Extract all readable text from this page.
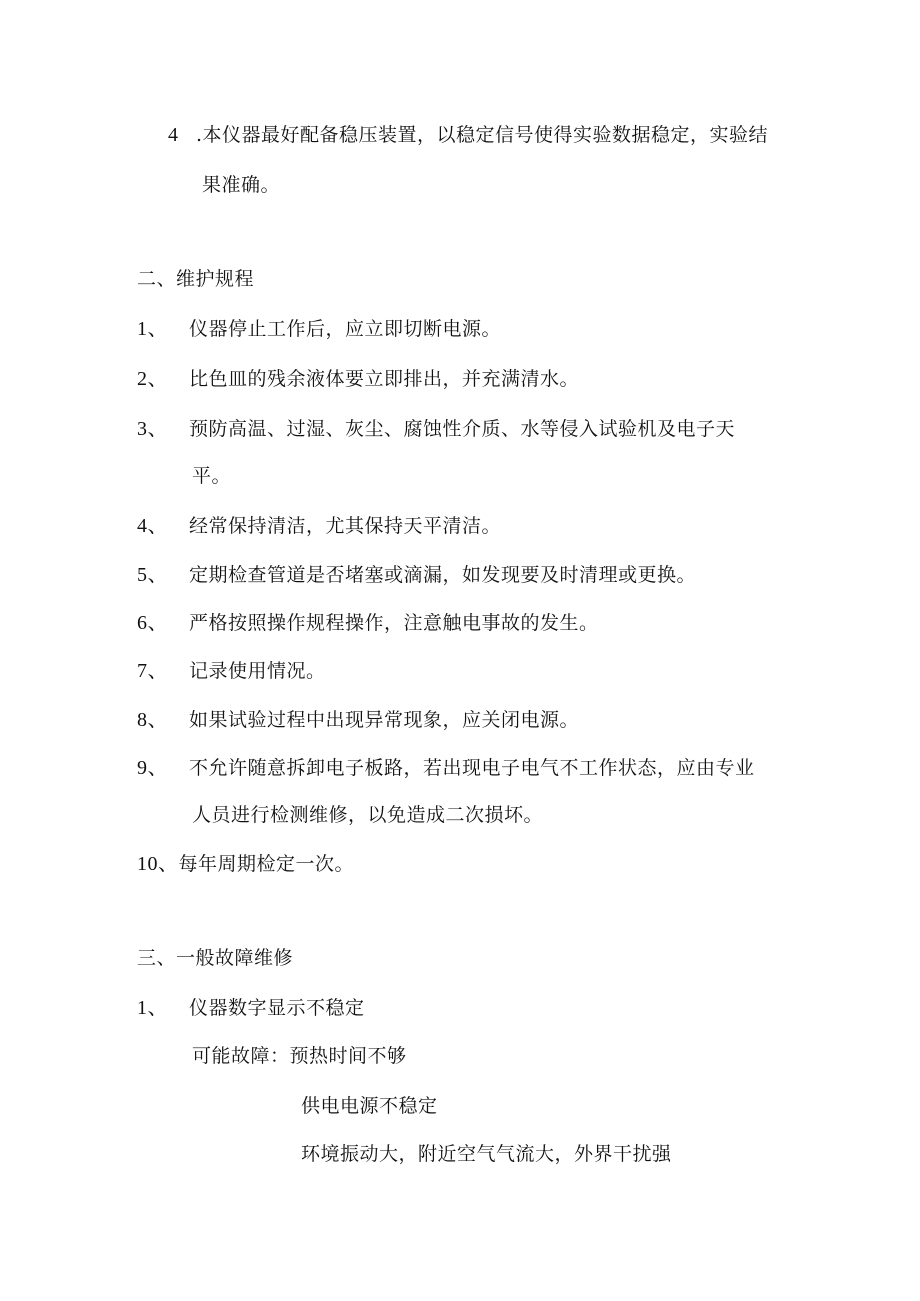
4 .本仪器最好配备稳压装置，以稳定信号使得实验数据稳定，实验结
果准确。
二、维护规程
1、 仪器停止工作后，应立即切断电源。
2、 比色皿的残余液体要立即排出，并充满清水。
3、 预防高温、过湿、灰尘、腐蚀性介质、水等侵入试验机及电子天
平。
4、 经常保持清洁，尤其保持天平清洁。
5、 定期检查管道是否堵塞或滴漏，如发现要及时清理或更换。
6、 严格按照操作规程操作，注意触电事故的发生。
7、 记录使用情况。
8、 如果试验过程中出现异常现象，应关闭电源。
9、 不允许随意拆卸电子板路，若出现电子电气不工作状态，应由专业
人员进行检测维修，以免造成二次损坏。
10、每年周期检定一次。
三、一般故障维修
1、 仪器数字显示不稳定
可能故障：预热时间不够
供电电源不稳定
环境振动大，附近空气气流大，外界干扰强
